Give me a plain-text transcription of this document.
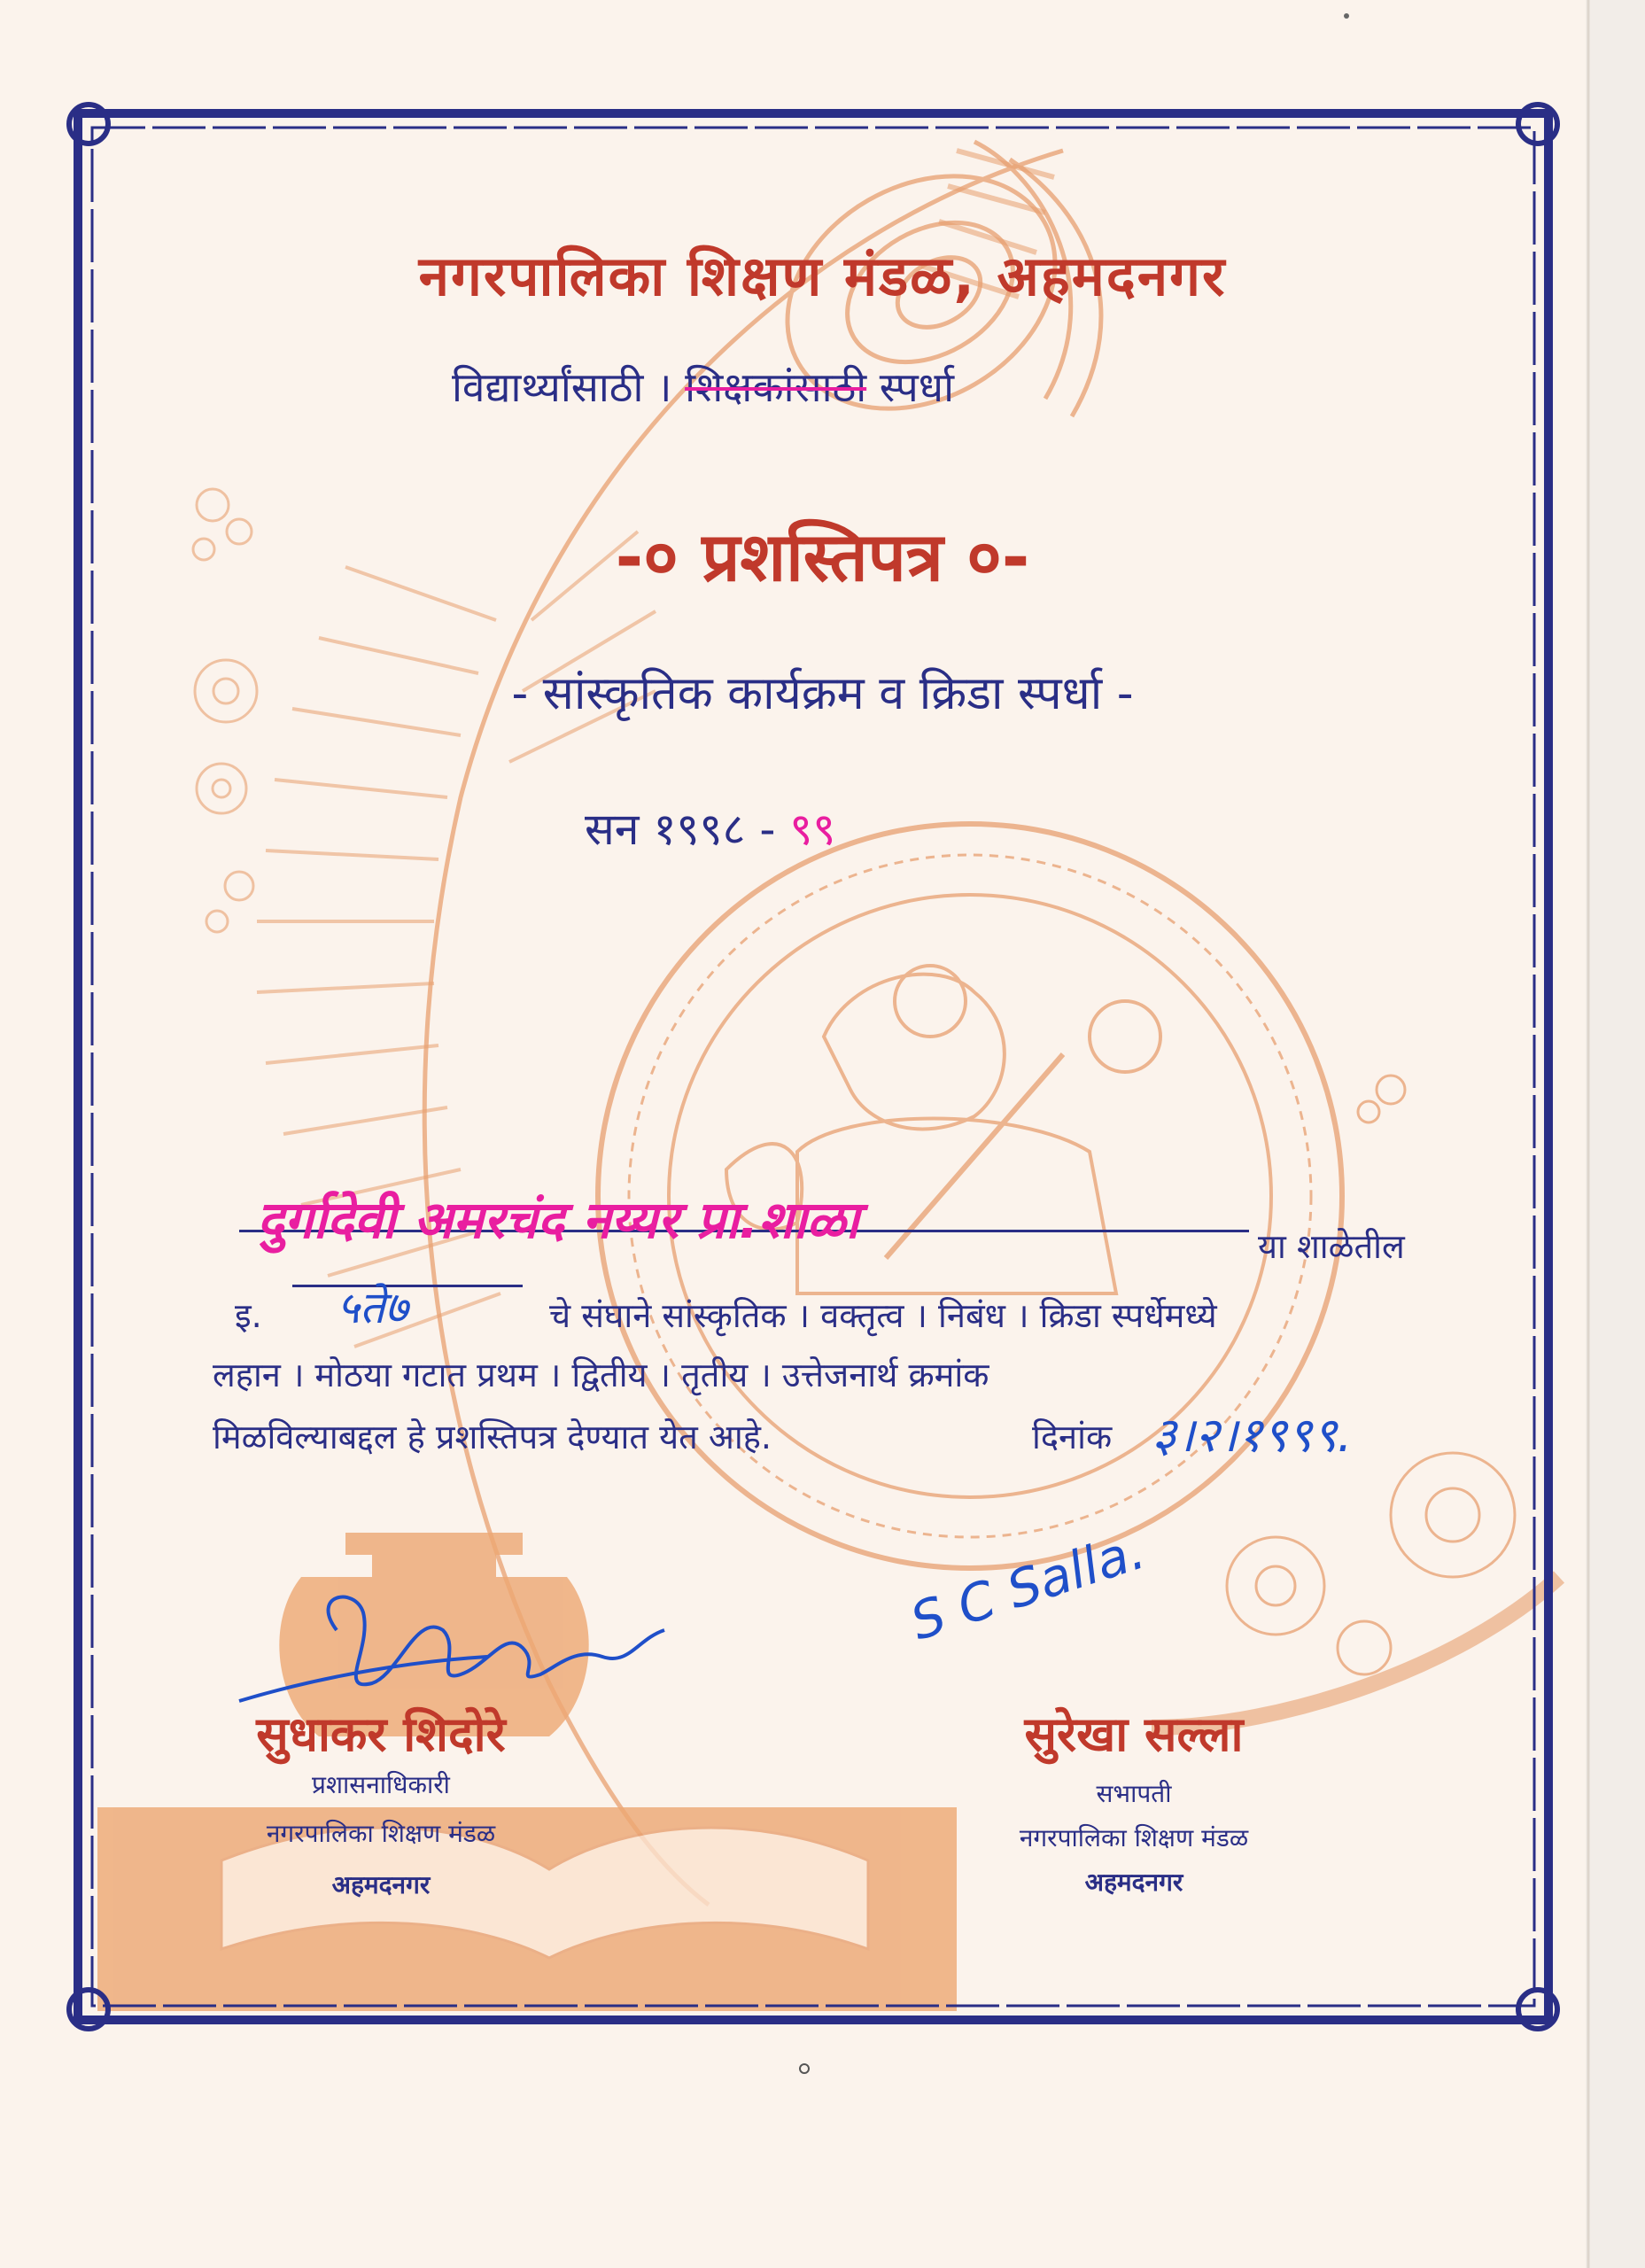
नगरपालिका शिक्षण मंडळ, अहमदनगर
विद्यार्थ्यांसाठी । शिक्षकांसाठी स्पर्धा
-० प्रशस्तिपत्र ०-
- सांस्कृतिक कार्यक्रम व क्रिडा स्पर्धा -
सन १९९८ - ९९
दुर्गादेवी अमरचंद नय्यर प्रा.शाळा	या शाळेतील
इ. ५ते७	चे संघाने सांस्कृतिक । वक्तृत्व । निबंध । क्रिडा स्पर्धेमध्ये
लहान । मोठया गटात प्रथम । द्वितीय । तृतीय । उत्तेजनार्थ क्रमांक
मिळविल्याबद्दल हे प्रशस्तिपत्र देण्यात येत आहे.	दिनांक ३।२।१९९९.
S C Salla.
सुधाकर शिदोरे
प्रशासनाधिकारी
नगरपालिका शिक्षण मंडळ
अहमदनगर
सुरेखा सल्ला
सभापती
नगरपालिका शिक्षण मंडळ
अहमदनगर
